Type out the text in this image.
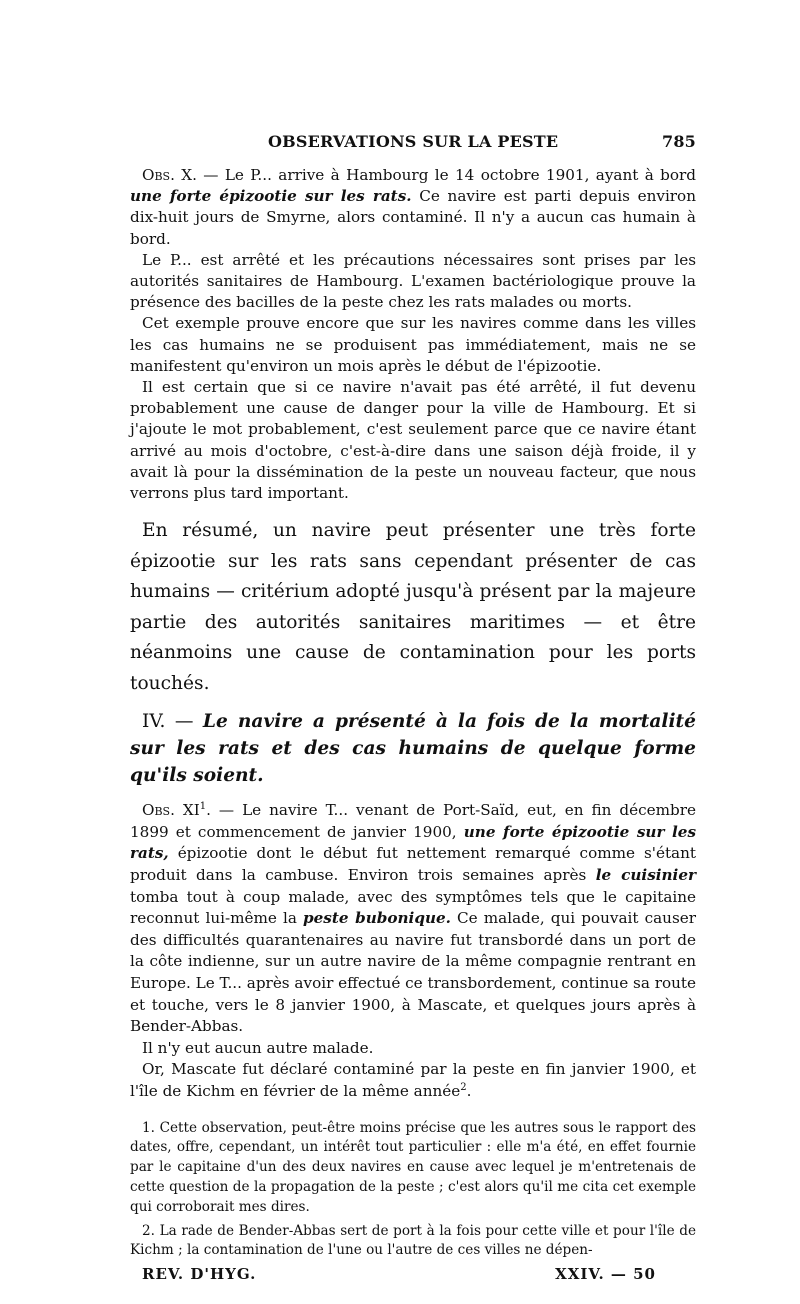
OBSERVATIONS SUR LA PESTE	785

Obs. X. — Le P... arrive à Hambourg le 14 octobre 1901, ayant à bord une forte épizootie sur les rats. Ce navire est parti depuis environ dix-huit jours de Smyrne, alors contaminé. Il n'y a aucun cas humain à bord.

Le P... est arrêté et les précautions nécessaires sont prises par les autorités sanitaires de Hambourg. L'examen bactériologique prouve la présence des bacilles de la peste chez les rats malades ou morts.

Cet exemple prouve encore que sur les navires comme dans les villes les cas humains ne se produisent pas immédiatement, mais ne se manifestent qu'environ un mois après le début de l'épizootie.

Il est certain que si ce navire n'avait pas été arrêté, il fut devenu probablement une cause de danger pour la ville de Hambourg. Et si j'ajoute le mot probablement, c'est seulement parce que ce navire étant arrivé au mois d'octobre, c'est-à-dire dans une saison déjà froide, il y avait là pour la dissémination de la peste un nouveau facteur, que nous verrons plus tard important.

En résumé, un navire peut présenter une très forte épizootie sur les rats sans cependant présenter de cas humains — critérium adopté jusqu'à présent par la majeure partie des autorités sanitaires maritimes — et être néanmoins une cause de contamination pour les ports touchés.

IV. — Le navire a présenté à la fois de la mortalité sur les rats et des cas humains de quelque forme qu'ils soient.

Obs. $XI^1$. — Le navire T... venant de Port-Saïd, eut, en fin décembre 1899 et commencement de janvier 1900, une forte épizootie sur les rats, épizootie dont le début fut nettement remarqué comme s'étant produit dans la cambuse. Environ trois semaines après le cuisinier tomba tout à coup malade, avec des symptômes tels que le capitaine reconnut lui-même la peste bubonique. Ce malade, qui pouvait causer des difficultés quarantenaires au navire fut transbordé dans un port de la côte indienne, sur un autre navire de la même compagnie rentrant en Europe. Le T... après avoir effectué ce transbordement, continue sa route et touche, vers le 8 janvier 1900, à Mascate, et quelques jours après à Bender-Abbas.

Il n'y eut aucun autre malade.

Or, Mascate fut déclaré contaminé par la peste en fin janvier 1900, et l'île de Kichm en février de la même année$^2$.

1. Cette observation, peut-être moins précise que les autres sous le rapport des dates, offre, cependant, un intérêt tout particulier : elle m'a été, en effet fournie par le capitaine d'un des deux navires en cause avec lequel je m'entretenais de cette question de la propagation de la peste ; c'est alors qu'il me cita cet exemple qui corroborait mes dires.

2. La rade de Bender-Abbas sert de port à la fois pour cette ville et pour l'île de Kichm ; la contamination de l'une ou l'autre de ces villes ne dépen-

REV. D'HYG.	XXIV. — 50
